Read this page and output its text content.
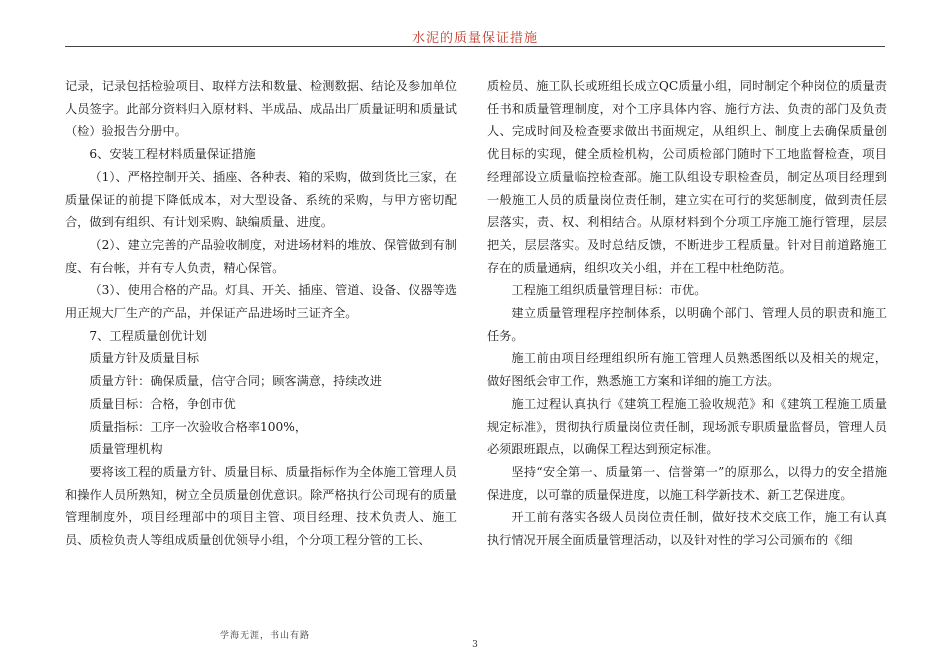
水泥的质量保证措施

记录，记录包括检验项目、取样方法和数量、检测数据、结论及参加单位人员签字。此部分资料归入原材料、半成品、成品出厂质量证明和质量试（检）验报告分册中。

6、安装工程材料质量保证措施

（1）、严格控制开关、插座、各种表、箱的采购，做到货比三家，在质量保证的前提下降低成本，对大型设备、系统的采购，与甲方密切配合，做到有组织、有计划采购、缺编质量、进度。

（2）、建立完善的产品验收制度，对进场材料的堆放、保管做到有制度、有台帐，并有专人负责，精心保管。

（3）、使用合格的产品。灯具、开关、插座、管道、设备、仪器等选用正规大厂生产的产品，并保证产品进场时三证齐全。

7、工程质量创优计划

质量方针及质量目标

质量方针：确保质量，信守合同；顾客满意，持续改进

质量目标：合格，争创市优

质量指标：工序一次验收合格率100%，

质量管理机构

要将该工程的质量方针、质量目标、质量指标作为全体施工管理人员和操作人员所熟知，树立全员质量创优意识。除严格执行公司现有的质量管理制度外，项目经理部中的项目主管、项目经理、技术负责人、施工员、质检负责人等组成质量创优领导小组，个分项工程分管的工长、

质检员、施工队长或班组长成立QC质量小组，同时制定个种岗位的质量责任书和质量管理制度，对个工序具体内容、施行方法、负责的部门及负责人、完成时间及检查要求做出书面规定，从组织上、制度上去确保质量创优目标的实现，健全质检机构，公司质检部门随时下工地监督检查，项目经理部设立质量临控检查部。施工队组设专职检查员，制定丛项目经理到一般施工人员的质量岗位责任制，建立实在可行的奖惩制度，做到责任层层落实，责、权、利相结合。从原材料到个分项工序施工施行管理，层层把关，层层落实。及时总结反馈，不断进步工程质量。针对目前道路施工存在的质量通病，组织攻关小组，并在工程中杜绝防范。

工程施工组织质量管理目标：市优。

建立质量管理程序控制体系，以明确个部门、管理人员的职责和施工任务。

施工前由项目经理组织所有施工管理人员熟悉图纸以及相关的规定，做好图纸会审工作，熟悉施工方案和详细的施工方法。

施工过程认真执行《建筑工程施工验收规范》和《建筑工程施工质量规定标准》，贯彻执行质量岗位责任制，现场派专职质量监督员，管理人员必须跟班跟点，以确保工程达到预定标准。

坚持“安全第一、质量第一、信誉第一”的原那么，以得力的安全措施保进度，以可靠的质量保进度，以施工科学新技术、新工艺保进度。

开工前有落实各级人员岗位责任制，做好技术交底工作，施工有认真执行情况开展全面质量管理活动，以及针对性的学习公司颁布的《细

学海无涯，书山有路
3
